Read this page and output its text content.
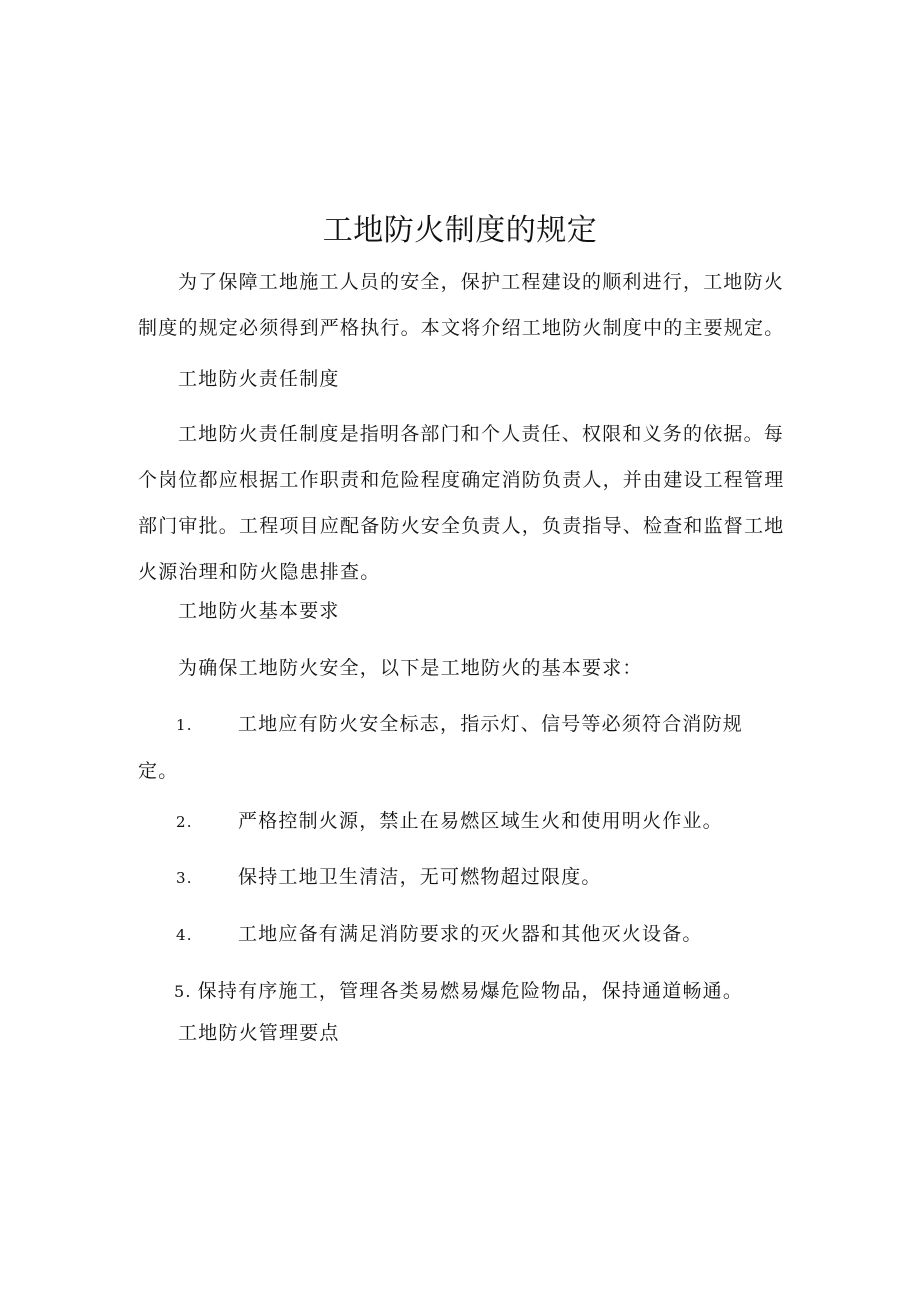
工地防火制度的规定

为了保障工地施工人员的安全，保护工程建设的顺利进行，工地防火制度的规定必须得到严格执行。本文将介绍工地防火制度中的主要规定。

工地防火责任制度

工地防火责任制度是指明各部门和个人责任、权限和义务的依据。每个岗位都应根据工作职责和危险程度确定消防负责人，并由建设工程管理部门审批。工程项目应配备防火安全负责人，负责指导、检查和监督工地火源治理和防火隐患排查。

工地防火基本要求

为确保工地防火安全，以下是工地防火的基本要求：

1. 工地应有防火安全标志，指示灯、信号等必须符合消防规定。

2. 严格控制火源，禁止在易燃区域生火和使用明火作业。

3. 保持工地卫生清洁，无可燃物超过限度。

4. 工地应备有满足消防要求的灭火器和其他灭火设备。

5. 保持有序施工，管理各类易燃易爆危险物品，保持通道畅通。

工地防火管理要点
